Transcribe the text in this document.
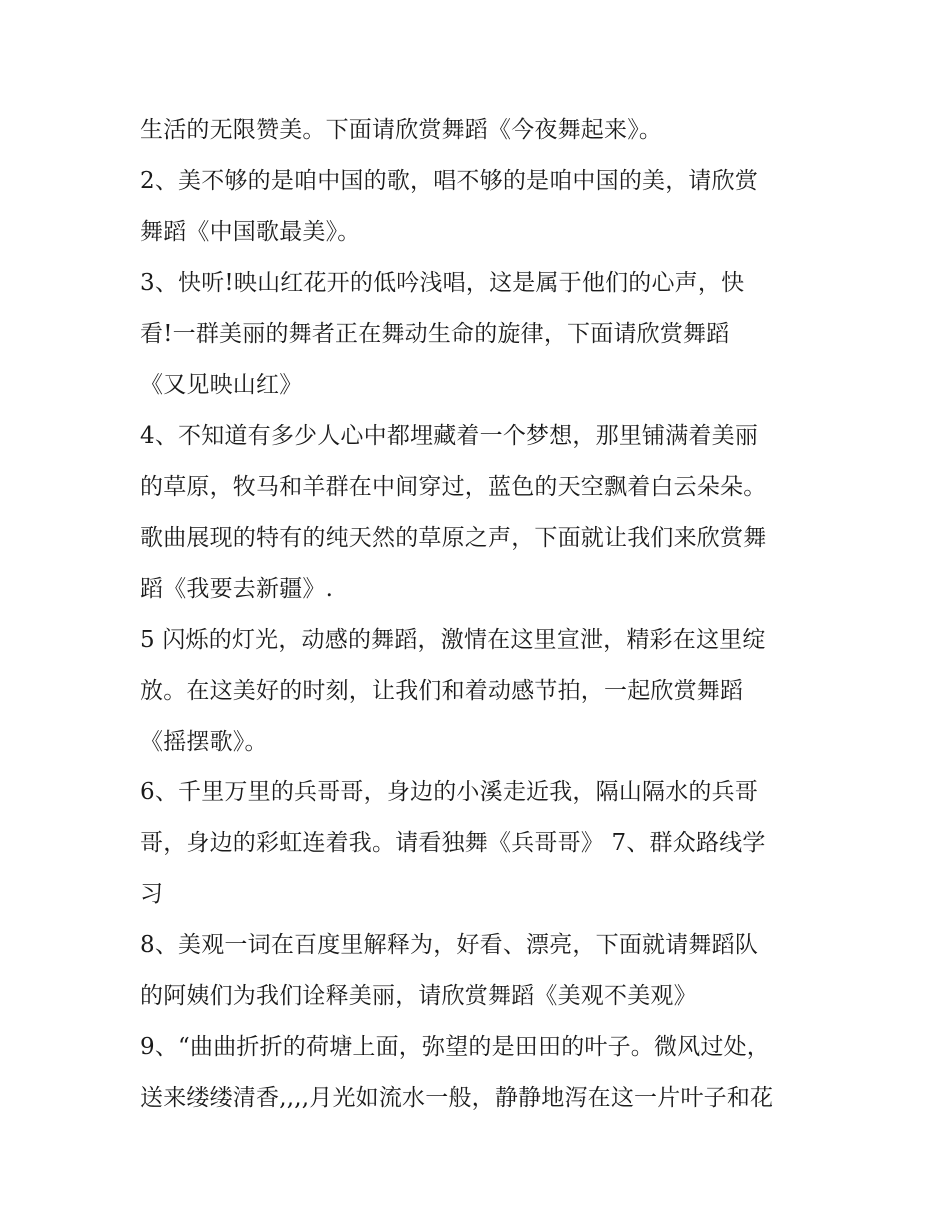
生活的无限赞美。下面请欣赏舞蹈《今夜舞起来》。

2、美不够的是咱中国的歌，唱不够的是咱中国的美，请欣赏

舞蹈《中国歌最美》。

3、快听!映山红花开的低吟浅唱，这是属于他们的心声，快

看!一群美丽的舞者正在舞动生命的旋律，下面请欣赏舞蹈

《又见映山红》

4、不知道有多少人心中都埋藏着一个梦想，那里铺满着美丽

的草原，牧马和羊群在中间穿过，蓝色的天空飘着白云朵朵。

歌曲展现的特有的纯天然的草原之声，下面就让我们来欣赏舞

蹈《我要去新疆》.

5 闪烁的灯光，动感的舞蹈，激情在这里宣泄，精彩在这里绽

放。在这美好的时刻，让我们和着动感节拍，一起欣赏舞蹈

《摇摆歌》。

6、千里万里的兵哥哥，身边的小溪走近我，隔山隔水的兵哥

哥，身边的彩虹连着我。请看独舞《兵哥哥》 7、群众路线学

习

8、美观一词在百度里解释为，好看、漂亮，下面就请舞蹈队

的阿姨们为我们诠释美丽，请欣赏舞蹈《美观不美观》

9、“曲曲折折的荷塘上面，弥望的是田田的叶子。微风过处，

送来缕缕清香,,,,月光如流水一般，静静地泻在这一片叶子和花
